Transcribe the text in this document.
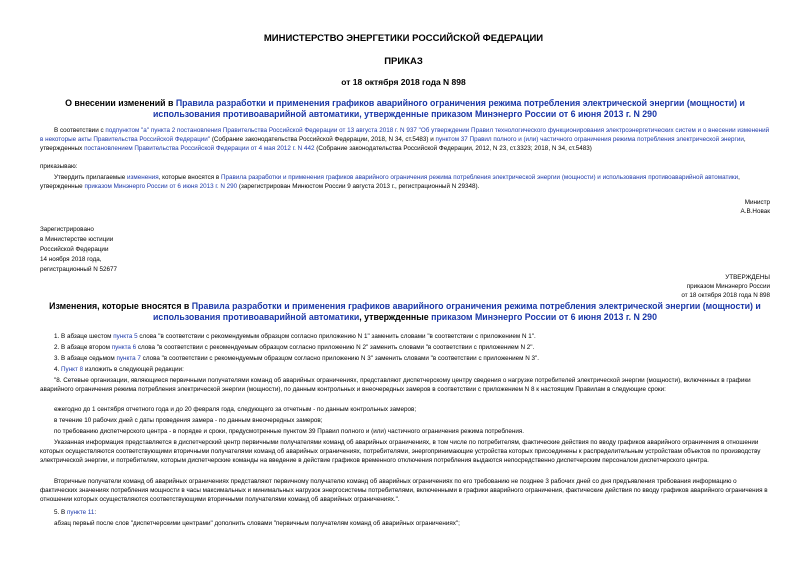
МИНИСТЕРСТВО ЭНЕРГЕТИКИ РОССИЙСКОЙ ФЕДЕРАЦИИ
ПРИКАЗ
от 18 октября 2018 года N 898
О внесении изменений в Правила разработки и применения графиков аварийного ограничения режима потребления электрической энергии (мощности) и использования противоаварийной автоматики, утвержденные приказом Минэнерго России от 6 июня 2013 г. N 290
В соответствии с подпунктом "а" пункта 2 постановления Правительства Российской Федерации от 13 августа 2018 г. N 937 "Об утверждении Правил технологического функционирования электроэнергетических систем и о внесении изменений в некоторые акты Правительства Российской Федерации" (Собрание законодательства Российской Федерации, 2018, N 34, ст.5483) и пунктом 37 Правил полного и (или) частичного ограничения режима потребления электрической энергии, утвержденных постановлением Правительства Российской Федерации от 4 мая 2012 г. N 442 (Собрание законодательства Российской Федерации, 2012, N 23, ст.3323; 2018, N 34, ст.5483)
приказываю:
Утвердить прилагаемые изменения, которые вносятся в Правила разработки и применения графиков аварийного ограничения режима потребления электрической энергии (мощности) и использования противоаварийной автоматики, утвержденные приказом Минэнерго России от 6 июня 2013 г. N 290 (зарегистрирован Минюстом России 9 августа 2013 г., регистрационный N 29348).
Министр
А.В.Новак
Зарегистрировано
в Министерстве юстиции
Российской Федерации
14 ноября 2018 года,
регистрационный N 52677
УТВЕРЖДЕНЫ
приказом Минэнерго России
от 18 октября 2018 года N 898
Изменения, которые вносятся в Правила разработки и применения графиков аварийного ограничения режима потребления электрической энергии (мощности) и использования противоаварийной автоматики, утвержденные приказом Минэнерго России от 6 июня 2013 г. N 290
1. В абзаце шестом пункта 5 слова "в соответствии с рекомендуемым образцом согласно приложению N 1" заменить словами "в соответствии с приложением N 1".
2. В абзаце втором пункта 6 слова "в соответствии с рекомендуемым образцом согласно приложению N 2" заменить словами "в соответствии с приложением N 2".
3. В абзаце седьмом пункта 7 слова "в соответствии с рекомендуемым образцом согласно приложению N 3" заменить словами "в соответствии с приложением N 3".
4. Пункт 8 изложить в следующей редакции:
"8. Сетевые организации, являющиеся первичными получателями команд об аварийных ограничениях, представляют диспетчерскому центру сведения о нагрузке потребителей электрической энергии (мощности), включенных в графики аварийного ограничения режима потребления электрической энергии (мощности), по данным контрольных и внеочередных замеров в соответствии с приложением N 8 к настоящим Правилам в следующие сроки:
ежегодно до 1 сентября отчетного года и до 20 февраля года, следующего за отчетным - по данным контрольных замеров;
в течение 10 рабочих дней с даты проведения замера - по данным внеочередных замеров;
по требованию диспетчерского центра - в порядке и сроки, предусмотренные пунктом 39 Правил полного и (или) частичного ограничения режима потребления.
Указанная информация представляется в диспетчерский центр первичными получателями команд об аварийных ограничениях, в том числе по потребителям, фактические действия по вводу графиков аварийного ограничения в отношении которых осуществляются соответствующими вторичными получателями команд об аварийных ограничениях, потребителями, энергопринимающие устройства которых присоединены к распределительным устройствам объектов по производству электрической энергии, и потребителям, которым диспетчерские команды на введение в действие графиков временного отключения потребления выдаются непосредственно диспетчерским персоналом диспетчерского центра.
Вторичные получатели команд об аварийных ограничениях представляют первичному получателю команд об аварийных ограничениях по его требованию не позднее 3 рабочих дней со дня предъявления требования информацию о фактических значениях потребления мощности в часы максимальных и минимальных нагрузок энергосистемы потребителями, включенными в графики аварийного ограничения, фактические действия по вводу графиков аварийного ограничения в отношении которых осуществляются соответствующими вторичными получателями команд об аварийных ограничениях.".
5. В пункте 11:
абзац первый после слов "диспетчерскими центрами" дополнить словами "первичным получателям команд об аварийных ограничениях";
